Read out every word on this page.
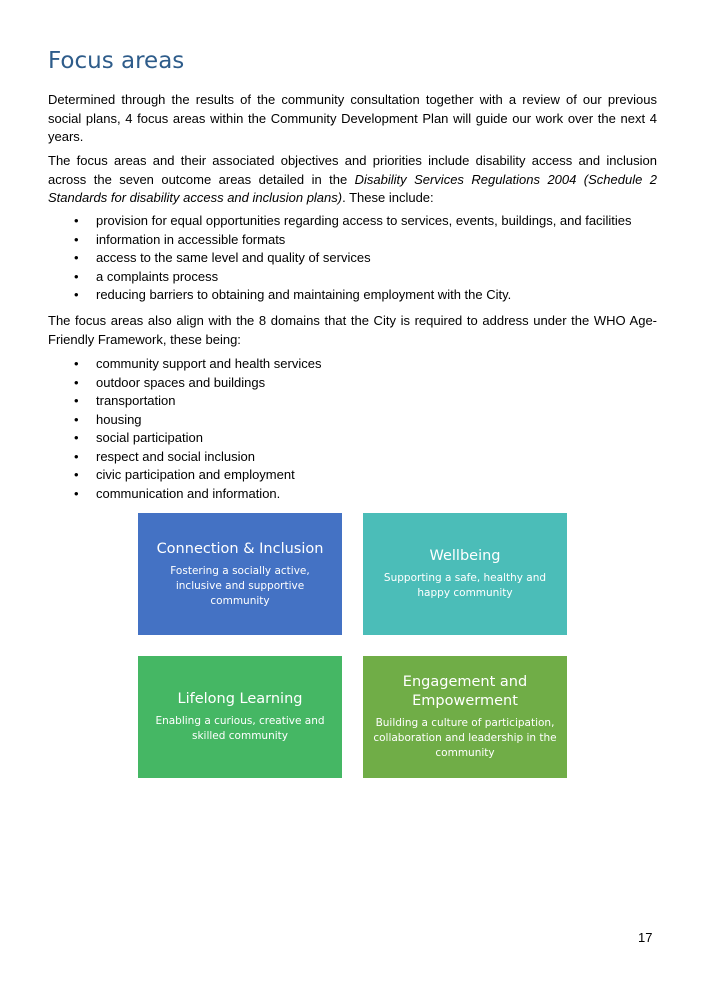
Focus areas

Determined through the results of the community consultation together with a review of our previous social plans, 4 focus areas within the Community Development Plan will guide our work over the next 4 years.

The focus areas and their associated objectives and priorities include disability access and inclusion across the seven outcome areas detailed in the Disability Services Regulations 2004 (Schedule 2 Standards for disability access and inclusion plans). These include:

• provision for equal opportunities regarding access to services, events, buildings, and facilities
• information in accessible formats
• access to the same level and quality of services
• a complaints process
• reducing barriers to obtaining and maintaining employment with the City.

The focus areas also align with the 8 domains that the City is required to address under the WHO Age-Friendly Framework, these being:

• community support and health services
• outdoor spaces and buildings
• transportation
• housing
• social participation
• respect and social inclusion
• civic participation and employment
• communication and information.
Connection & Inclusion
Fostering a socially active, inclusive and supportive community
Wellbeing
Supporting a safe, healthy and happy community
Lifelong Learning
Enabling a curious, creative and skilled community
Engagement and Empowerment
Building a culture of participation, collaboration and leadership in the community
17
